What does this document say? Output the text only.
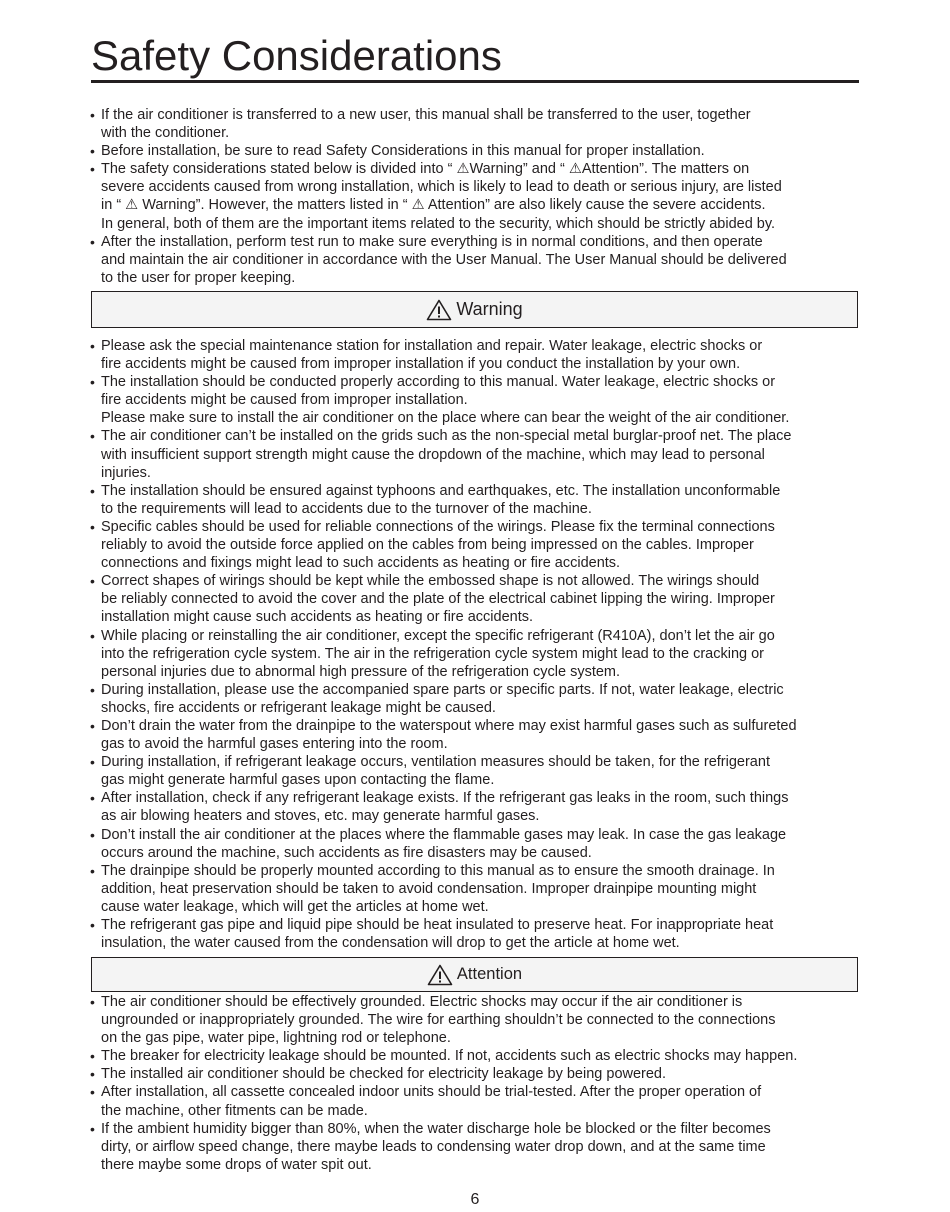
Safety Considerations
• If the air conditioner is transferred to a new user, this manual shall be transferred to the user, together
with the conditioner.
• Before installation, be sure to read Safety Considerations in this manual for proper installation.
• The safety considerations stated below is divided into “ ⚠Warning” and “ ⚠Attention”. The matters on
severe accidents caused from wrong installation, which is likely to lead to death or serious injury, are listed
in “ ⚠ Warning”. However, the matters listed in “ ⚠ Attention” are also likely cause the severe accidents.
In general, both of them are the important items related to the security, which should be strictly abided by.
• After the installation, perform test run to make sure everything is in normal conditions, and then operate
and maintain the air conditioner in accordance with the User Manual. The User Manual should be delivered
to the user for proper keeping.
Warning
• Please ask the special maintenance station for installation and repair. Water leakage, electric shocks or
fire accidents might be caused from improper installation if you conduct the installation by your own.
• The installation should be conducted properly according to this manual. Water leakage, electric shocks or
fire accidents might be caused from improper installation.
Please make sure to install the air conditioner on the place where can bear the weight of the air conditioner.
• The air conditioner can’t be installed on the grids such as the non-special metal burglar-proof net. The place
with insufficient support strength might cause the dropdown of the machine, which may lead to personal
injuries.
• The installation should be ensured against typhoons and earthquakes, etc. The installation unconformable
to the requirements will lead to accidents due to the turnover of the machine.
• Specific cables should be used for reliable connections of the wirings. Please fix the terminal connections
reliably to avoid the outside force applied on the cables from being impressed on the cables. Improper
connections and fixings might lead to such accidents as heating or fire accidents.
• Correct shapes of wirings should be kept while the embossed shape is not allowed. The wirings should
be reliably connected to avoid the cover and the plate of the electrical cabinet lipping the wiring. Improper
installation might cause such accidents as heating or fire accidents.
• While placing or reinstalling the air conditioner, except the specific refrigerant (R410A), don’t let the air go
into the refrigeration cycle system. The air in the refrigeration cycle system might lead to the cracking or
personal injuries due to abnormal high pressure of the refrigeration cycle system.
• During installation, please use the accompanied spare parts or specific parts. If not, water leakage, electric
shocks, fire accidents or refrigerant leakage might be caused.
• Don’t drain the water from the drainpipe to the waterspout where may exist harmful gases such as sulfureted
gas to avoid the harmful gases entering into the room.
• During installation, if refrigerant leakage occurs, ventilation measures should be taken, for the refrigerant
gas might generate harmful gases upon contacting the flame.
• After installation, check if any refrigerant leakage exists. If the refrigerant gas leaks in the room, such things
as air blowing heaters and stoves, etc. may generate harmful gases.
• Don’t install the air conditioner at the places where the flammable gases may leak. In case the gas leakage
occurs around the machine, such accidents as fire disasters may be caused.
• The drainpipe should be properly mounted according to this manual as to ensure the smooth drainage. In
addition, heat preservation should be taken to avoid condensation. Improper drainpipe mounting might
cause water leakage, which will get the articles at home wet.
• The refrigerant gas pipe and liquid pipe should be heat insulated to preserve heat. For inappropriate heat
insulation, the water caused from the condensation will drop to get the article at home wet.
Attention
• The air conditioner should be effectively grounded. Electric shocks may occur if the air conditioner is
ungrounded or inappropriately grounded. The wire for earthing shouldn’t be connected to the connections
on the gas pipe, water pipe, lightning rod or telephone.
• The breaker for electricity leakage should be mounted. If not, accidents such as electric shocks may happen.
• The installed air conditioner should be checked for electricity leakage by being powered.
• After installation, all cassette concealed indoor units should be trial-tested. After the proper operation of
the machine, other fitments can be made.
• If the ambient humidity bigger than 80%, when the water discharge hole be blocked or the filter becomes
dirty, or airflow speed change, there maybe leads to condensing water drop down, and at the same time
there maybe some drops of water spit out.
6
